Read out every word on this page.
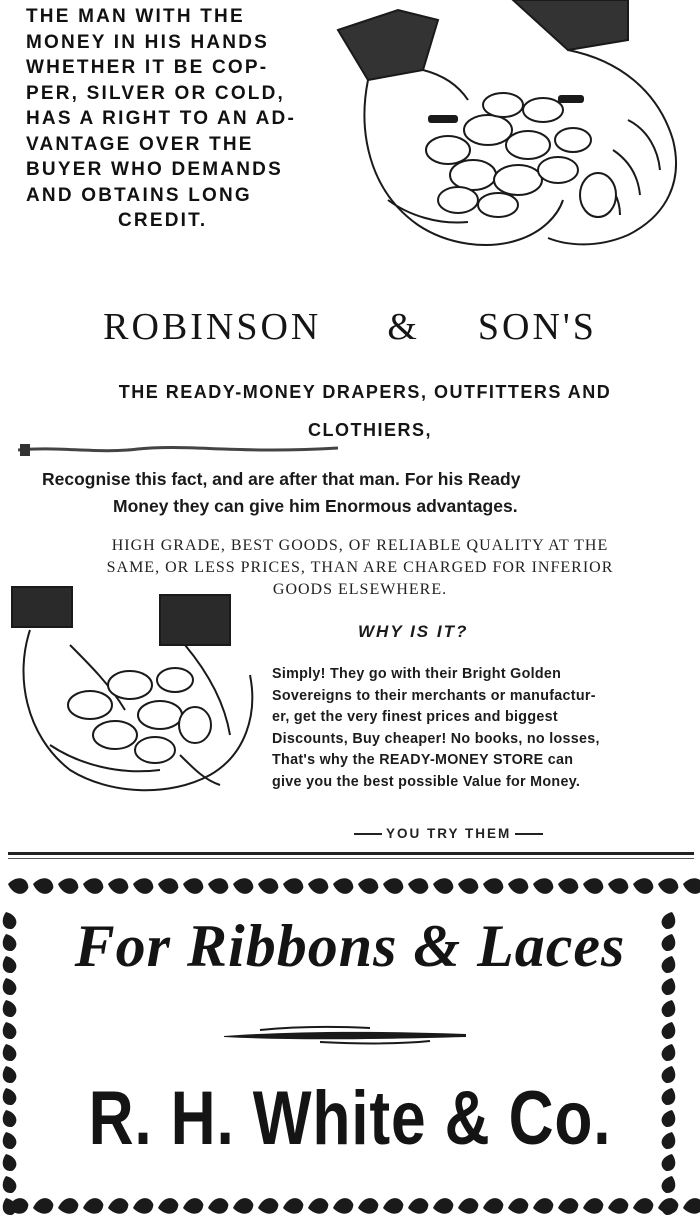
THE MAN WITH THE
MONEY IN HIS HANDS
WHETHER IT BE COP-
PER, SILVER OR COLD,
HAS A RIGHT TO AN AD-
VANTAGE OVER THE
BUYER WHO DEMANDS
AND OBTAINS LONG
CREDIT.
ROBINSON & SON'S
THE READY-MONEY DRAPERS, OUTFITTERS AND
CLOTHIERS,
Recognise this fact, and are after that man. For his Ready
Money they can give him Enormous advantages.
HIGH GRADE, BEST GOODS, OF RELIABLE QUALITY AT THE
SAME, OR LESS PRICES, THAN ARE CHARGED FOR INFERIOR
GOODS ELSEWHERE.
WHY IS IT?
Simply! They go with their Bright Golden
Sovereigns to their merchants or manufactur-
er, get the very finest prices and biggest
Discounts, Buy cheaper! No books, no losses,
That's why the READY-MONEY STORE can
give you the best possible Value for Money.
YOU TRY THEM
For Ribbons & Laces
R. H. White & Co.
